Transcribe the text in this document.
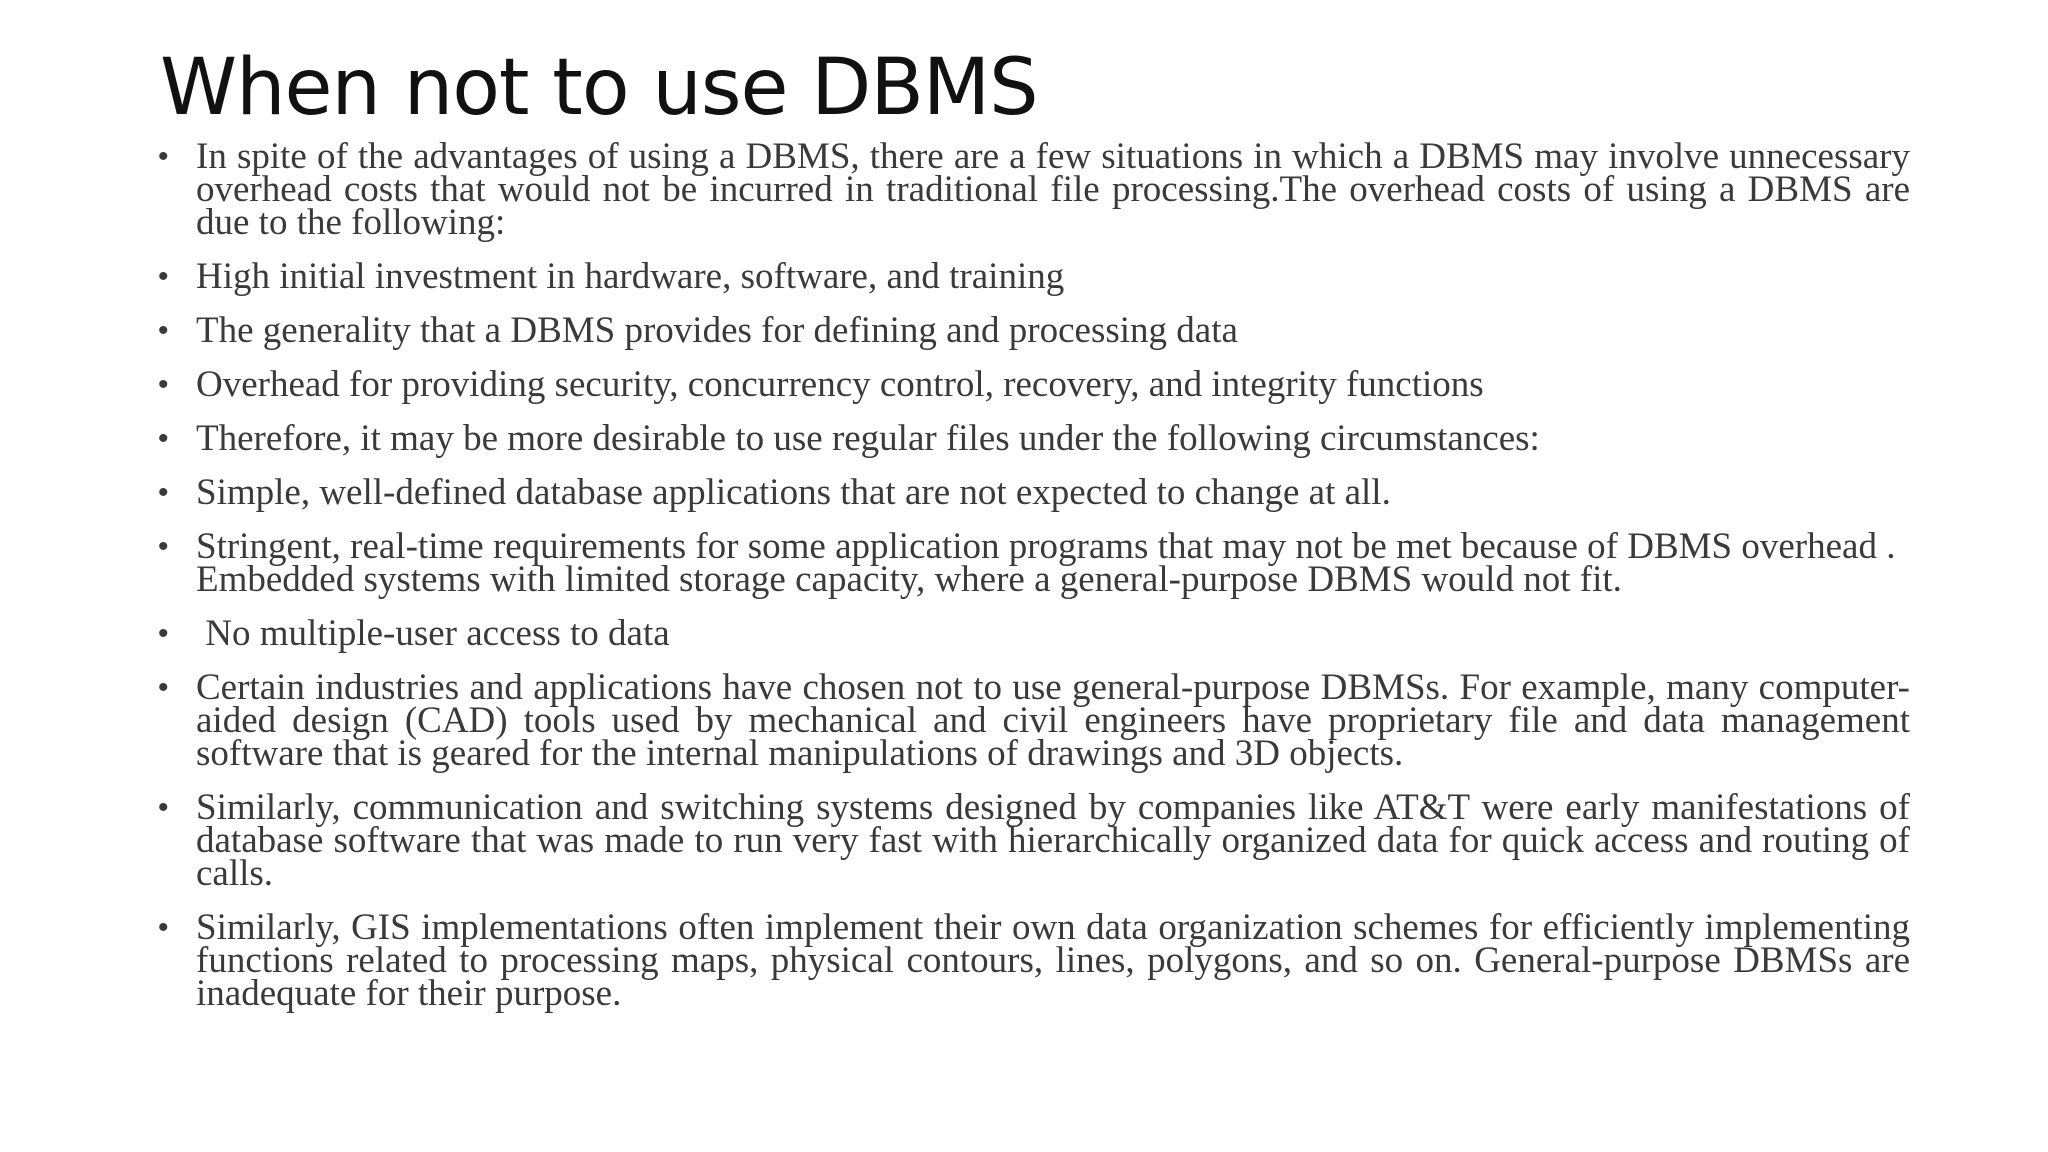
When not to use DBMS
• In spite of the advantages of using a DBMS, there are a few situations in which a DBMS may involve unnecessary overhead costs that would not be incurred in traditional file processing.The overhead costs of using a DBMS are due to the following:
• High initial investment in hardware, software, and training
• The generality that a DBMS provides for defining and processing data
• Overhead for providing security, concurrency control, recovery, and integrity functions
• Therefore, it may be more desirable to use regular files under the following circumstances:
• Simple, well-defined database applications that are not expected to change at all.
• Stringent, real-time requirements for some application programs that may not be met because of DBMS overhead . Embedded systems with limited storage capacity, where a general-purpose DBMS would not fit.
• No multiple-user access to data
• Certain industries and applications have chosen not to use general-purpose DBMSs. For example, many computer-aided design (CAD) tools used by mechanical and civil engineers have proprietary file and data management software that is geared for the internal manipulations of drawings and 3D objects.
• Similarly, communication and switching systems designed by companies like AT&T were early manifestations of database software that was made to run very fast with hierarchically organized data for quick access and routing of calls.
• Similarly, GIS implementations often implement their own data organization schemes for efficiently implementing functions related to processing maps, physical contours, lines, polygons, and so on. General-purpose DBMSs are inadequate for their purpose.
